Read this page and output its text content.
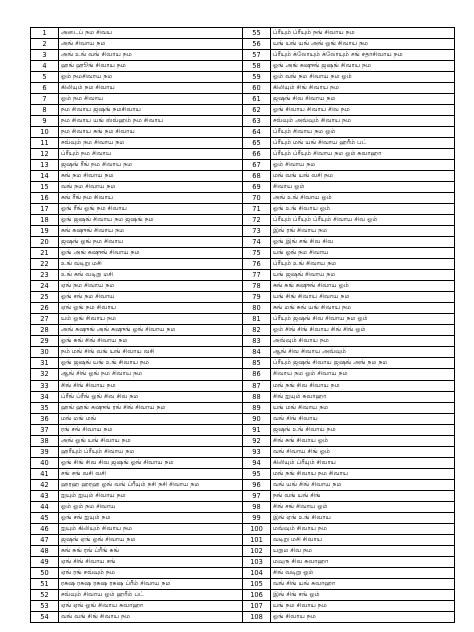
1	அடைப் நம சிவய	55	ப்ரீயும் ப்ரீயும் நங் சிவாய நம
2	அங் சிவாய நம	56	யங் யங் யங் அங் ஓங் சிவாய நம
3	அங் உங் வங் சிவாய நம	57	ப்ரீயும் க்லோயும் க்லோயும் சங் சதாசிவாய நம
4	ஹங் ஹூங் சிவாய நம	58	ஓங் அங் சுஷுங் ஜஷங் சிவாய நம
5	ஓம் நமசிவாய நம	59	ஓம் வங் நம சிவாய நம ஓம்
6	கிலியும் நம சிவாய	60	கிலியும் சிங் சிவாய நம
7	ஓம் நம சிவாய	61	ஜஷங் சிவ சிவாய நம
8	நம சிவாய ஜஷங் நமசிவாய	62	ஓங் சிவாய சிவாய சிவ நம
9	நம சிவாய யங் ஸ்வ்ஹம் நம சிவாய	63	சவ்வும் அவ்வும் சிவாய நம
10	நம சிவாய சுங் நம சிவாய	64	ப்ரீயும் சிவாய நம ஓம்
11	சவ்வும் நம சிவாய நம	65	ப்ரீயும் மங் யங் சிவாய ஹரீம் பட்
12	ப்ரீயும் நம சிவாய	66	ப்ரீயும் ப்ரீயும் சிவாய நம ஓம் சுவாஹா
13	ஜஷங் ரீங் நம சிவாய நம	67	ஓம் சிவாய நம
14	சுங் நம சிவாய நம	68	மங் வங் யங் வசி நம
15	வங் நம சிவாய நம	69	சிவாய ஓம்
16	சுங் ரீங் நம சிவாய	70	அங் உங் சிவாய ஓம்
17	ஓங் ரீங் ஓங் நம சிவாய	71	ஓங் உங் சிவாய ஓம்
18	ஓங் ஜஷங் சிவாய நம ஜஷங் நம	72	ப்ரீயும் ப்ரீயும் ப்ரீயும் சிவாய சிவ ஓம்
19	சுங் சுஷுங் சிவாய நம	73	இங் ரங் சிவாய நம
20	ஜஷங் ஓங் நம சிவாய	74	ஓங் இங் சங் சிவ சிவ
21	ஓங் அங் சுஷுங் சிவாய நம	75	யங் ஓங் நம சிவாய
22	உங் வடிறு மசி	76	ப்ரீயும் உங் சிவாய நம
23	உங் சுங் வடிறு மசி	77	யங் ஜஷங் சிவாய நம
24	ஏங் நம சிவாய நம	78	சுங் சுங் சுஷுங் சிவாய ஓம்
25	ஓங் சங் நம சிவாய	79	யங் சிங் சிவாய சிவாய நம
26	ஏங் ஓங் நம சிவாய	80	சுங் மங் சுங் யங் சிவாய நம
27	யம் ஓங் சிவாய நம	81	ப்ரீயும் ஜஷங் சிவ சிவாய நம ஓம்
28	அங் சுஷுங் அங் சுஷுங் ஓங் சிவாய நம	82	ஓம் சிங் சிங் சிவாய சிங் சிங் ஓம்
29	ஓங் சுங் சிங் சிவாய நம	83	அவ்வும் சிவாய நம
30	நம் மங் சிங் வங் யங் சிவாய வசி	84	ஆங் சிவ சிவாய அவ்வும்
31	ஓங் ஜஷங் யங் உங் சிவாய நம	85	ப்ரீயும் ஜஷங் சிவாய ஜஷங் அங் நம நம
32	ஆங் சிங் ஓங் நம சிவாய நம	86	சிவாய நம ஓம் சிவாய நம
33	சிங் சிங் சிவாய நம	87	மங் நங் சிவ சிவாய நம
34	ப்ரீங் ப்ரீங் ஓங் சிவ சிவ நம	88	சிங் ஐயும் சுவாஹா
35	ஹங் ஹங் சுஷுங் ரங் சிங் சிவாய நம	89	யங் மங் சிவாய நம
36	மங் மங் மங்	90	வங் சிங் சிவாய
37	ரங் சங் சிவாய நம	91	ஜஷங் உங் சிவாய நம
38	அங் ஓங் யங் சிவாய நம	92	சிங் சுங் சிவாய ஓம்
39	ஹரீயும் ப்ரீயும் சிவாய நம	93	வங் சிவாய சிங் ஓம்
40	ஓங் சிங் சிவ சிவ ஜஷங் ஓங் சிவாய நம	94	கிலியும் ப்ரீயும் சிவாய
41	சங் சங் வசி வசி	95	மங் நங் சிவாய நம சிவாய
42	ஹரஹ ஹரஹ ஓங் வங் ப்ரீயும் நசி நசி சிவாய நம	96	வங் யங் சிங் சிவாய நம
43	ஐயும் ஐயும் சிவாய நம	97	நங் வங் யங் சிங்
44	ஓம் ஓம் நம சிவாய	98	சிங் சங் சிவாய ஓம்
45	ஓங் சங் ஐயும் நம	99	இங் ஏங் உங் சிவாய
46	ஐயும் கிலியும் சிவாய நம	100	மவ்வும் சிவாய நம
47	ஜஷங் ஏங் ஓங் சிவாய நம	101	வடிறு மசி சிவாய
48	சுங் சுங் ரங் ப்ரீங் சுங்	102	யறும சிவ நம
49	ஏங் சிங் சிவாய சங்	103	மவுரு சிவ சுவாஹா
50	ஏங் ரங் சவ்வும் நம	104	சிங் வடிறு ஓம்
51	ரசுஷ ரசுஷ ரசுஷ ரசுஷ ப்ரீம் சிவாய நம	105	வங் சிங் யங் சுவாஹா
52	சவ்வும் சிவாய ஓம் ஹரீம் பட்	106	இங் சிங் சங் ஓம்
53	ஏங் ஏங் ஓங் சிவாய சுவாஹா	107	யங் நம சிவாய நம
54	வங் வங் சிங் சிவாய நம	108	ஓங் சிவாய நம
